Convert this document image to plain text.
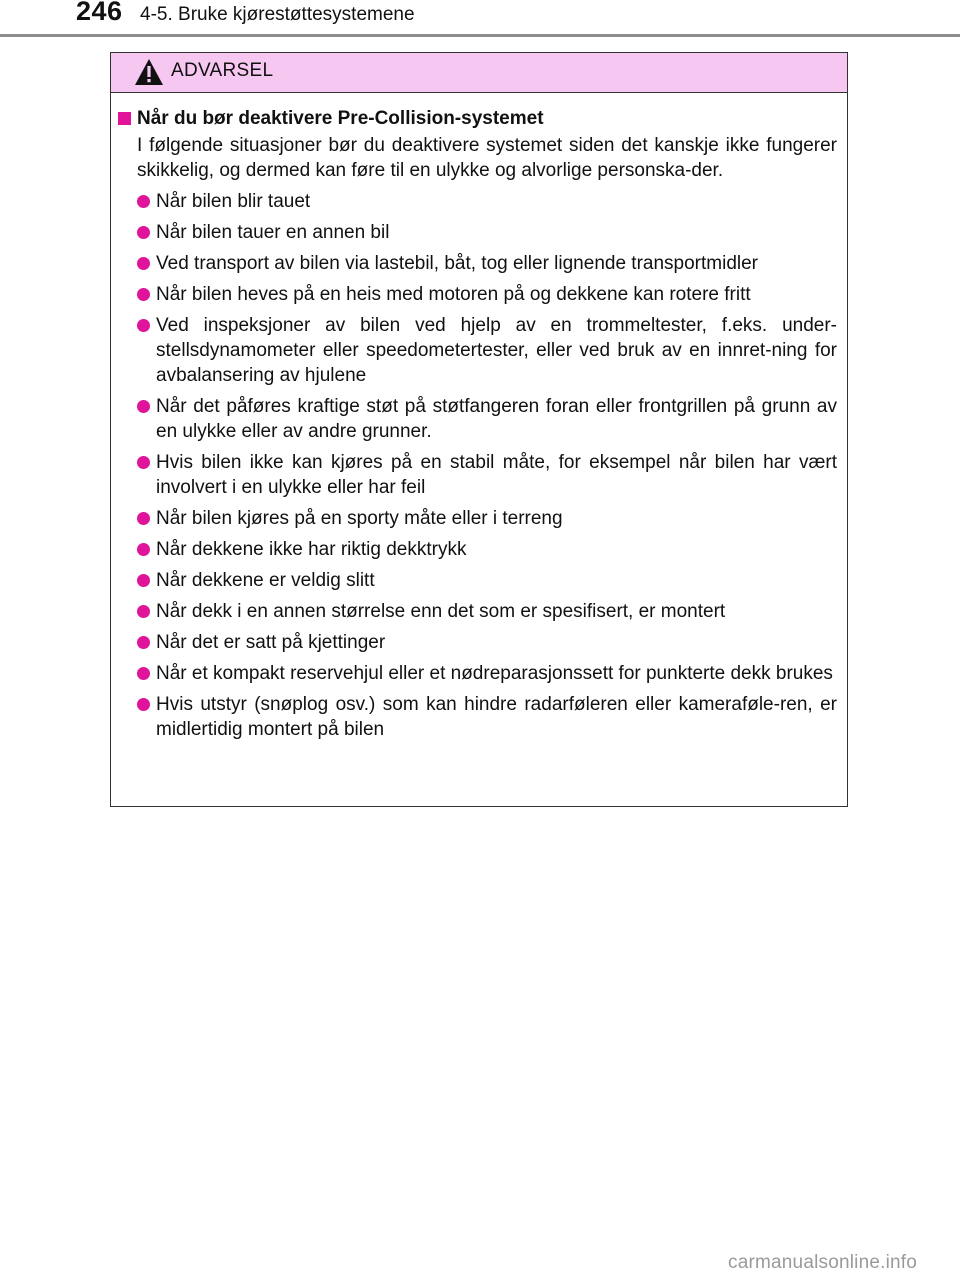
246 4-5. Bruke kjørestøttesystemene
ADVARSEL
Når du bør deaktivere Pre-Collision-systemet
I følgende situasjoner bør du deaktivere systemet siden det kanskje ikke fungerer skikkelig, og dermed kan føre til en ulykke og alvorlige personska-der.
Når bilen blir tauet
Når bilen tauer en annen bil
Ved transport av bilen via lastebil, båt, tog eller lignende transportmidler
Når bilen heves på en heis med motoren på og dekkene kan rotere fritt
Ved inspeksjoner av bilen ved hjelp av en trommeltester, f.eks. under-stellsdynamometer eller speedometertester, eller ved bruk av en innret-ning for avbalansering av hjulene
Når det påføres kraftige støt på støtfangeren foran eller frontgrillen på grunn av en ulykke eller av andre grunner.
Hvis bilen ikke kan kjøres på en stabil måte, for eksempel når bilen har vært involvert i en ulykke eller har feil
Når bilen kjøres på en sporty måte eller i terreng
Når dekkene ikke har riktig dekktrykk
Når dekkene er veldig slitt
Når dekk i en annen størrelse enn det som er spesifisert, er montert
Når det er satt på kjettinger
Når et kompakt reservehjul eller et nødreparasjonssett for punkterte dekk brukes
Hvis utstyr (snøplog osv.) som kan hindre radarføleren eller kamerafølе-ren, er midlertidig montert på bilen
carmanualsonline.info
